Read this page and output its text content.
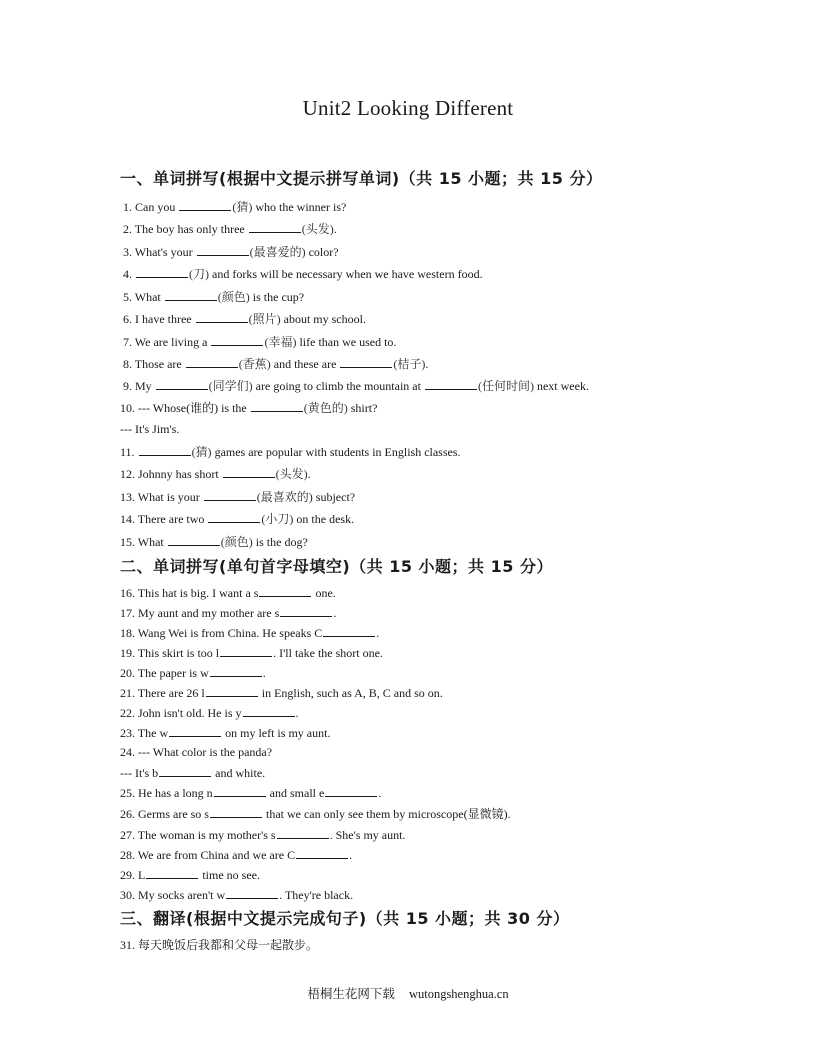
Unit2 Looking Different
一、单词拼写(根据中文提示拼写单词)（共 15 小题；共 15 分）
1. Can you	(猜) who the winner is?
2. The boy has only three	(头发).
3. What's your	(最喜爱的) color?
4.	(刀) and forks will be necessary when we have western food.
5. What	(颜色) is the cup?
6. I have three	(照片) about my school.
7. We are living a	(幸福) life than we used to.
8. Those are	(香蕉) and these are	(桔子).
9. My	(同学们) are going to climb the mountain at	(任何时间) next week.
10. --- Whose(谁的) is the	(黄色的) shirt?
--- It's Jim's.
11.	(猜) games are popular with students in English classes.
12. Johnny has short	(头发).
13. What is your	(最喜欢的) subject?
14. There are two	(小刀) on the desk.
15. What	(颜色) is the dog?
二、单词拼写(单句首字母填空)（共 15 小题；共 15 分）
16. This hat is big. I want a s	one.
17. My aunt and my mother are s	.
18. Wang Wei is from China. He speaks C	.
19. This skirt is too l	. I'll take the short one.
20. The paper is w	.
21. There are 26 l	in English, such as A, B, C and so on.
22. John isn't old. He is y	.
23. The w	on my left is my aunt.
24. --- What color is the panda?
--- It's b	and white.
25. He has a long n	and small e	.
26. Germs are so s	that we can only see them by microscope(显微镜).
27. The woman is my mother's s	. She's my aunt.
28. We are from China and we are C	.
29. L	time no see.
30. My socks aren't w	. They're black.
三、翻译(根据中文提示完成句子)（共 15 小题；共 30 分）
31. 每天晚饭后我都和父母一起散步。
梧桐生花网下载 wutongshenghua.cn
